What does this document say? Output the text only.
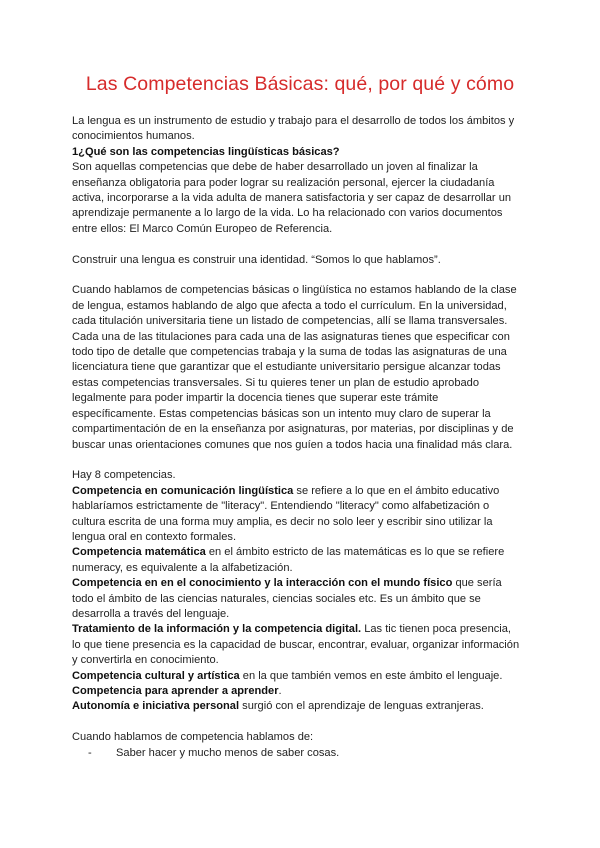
Las Competencias Básicas: qué, por qué y cómo

La lengua es un instrumento de estudio y trabajo para el desarrollo de todos los ámbitos y conocimientos humanos.

1¿Qué son las competencias lingüísticas básicas?

Son aquellas competencias que debe de haber desarrollado un joven al finalizar la enseñanza obligatoria para poder lograr su realización personal, ejercer la ciudadanía activa, incorporarse a la vida adulta de manera satisfactoria y ser capaz de desarrollar un aprendizaje permanente a lo largo de la vida. Lo ha relacionado con varios documentos entre ellos: El Marco Común Europeo de Referencia.

Construir una lengua es construir una identidad. “Somos lo que hablamos”.

Cuando hablamos de competencias básicas o lingüística no estamos hablando de la clase de lengua, estamos hablando de algo que afecta a todo el currículum. En la universidad, cada titulación universitaria tiene un listado de competencias, allí se llama transversales. Cada una de las titulaciones para cada una de las asignaturas tienes que especificar con todo tipo de detalle que competencias trabaja y la suma de todas las asignaturas de una licenciatura tiene que garantizar que el estudiante universitario persigue alcanzar todas estas competencias transversales. Si tu quieres tener un plan de estudio aprobado legalmente para poder impartir la docencia tienes que superar este trámite específicamente. Estas competencias básicas son un intento muy claro de superar la compartimentación de en la enseñanza por asignaturas, por materias, por disciplinas y de buscar unas orientaciones comunes que nos guíen a todos hacia una finalidad más clara.

Hay 8 competencias.

Competencia en comunicación lingüística se refiere a lo que en el ámbito educativo hablaríamos estrictamente de "literacy". Entendiendo "literacy" como alfabetización o cultura escrita de una forma muy amplia, es decir no solo leer y escribir sino utilizar la lengua oral en contexto formales.

Competencia matemática en el ámbito estricto de las matemáticas es lo que se refiere numeracy, es equivalente a la alfabetización.

Competencia en en el conocimiento y la interacción con el mundo físico que sería todo el ámbito de las ciencias naturales, ciencias sociales etc. Es un ámbito que se desarrolla a través del lenguaje.

Tratamiento de la información y la competencia digital. Las tic tienen poca presencia, lo que tiene presencia es la capacidad de buscar, encontrar, evaluar, organizar información y convertirla en conocimiento.

Competencia cultural y artística en la que también vemos en este ámbito el lenguaje.

Competencia para aprender a aprender.

Autonomía e iniciativa personal surgió con el aprendizaje de lenguas extranjeras.

Cuando hablamos de competencia hablamos de:

-	Saber hacer y mucho menos de saber cosas.
